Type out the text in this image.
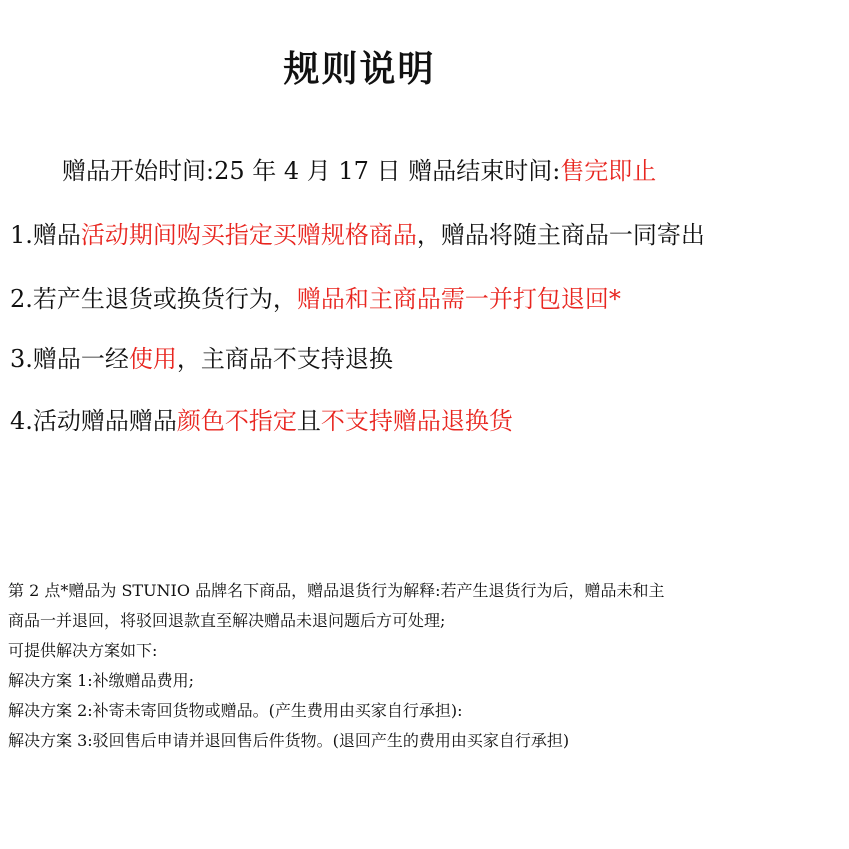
规则说明
赠品开始时间:25 年 4 月 17 日 赠品结束时间:售完即止
1.赠品活动期间购买指定买赠规格商品，赠品将随主商品一同寄出
2.若产生退货或换货行为，赠品和主商品需一并打包退回*
3.赠品一经使用，主商品不支持退换
4.活动赠品赠品颜色不指定且不支持赠品退换货
第 2 点*赠品为 STUNIO 品牌名下商品，赠品退货行为解释:若产生退货行为后，赠品未和主
商品一并退回，将驳回退款直至解决赠品未退问题后方可处理;
可提供解决方案如下:
解决方案 1:补缴赠品费用;
解决方案 2:补寄未寄回货物或赠品。(产生费用由买家自行承担):
解决方案 3:驳回售后申请并退回售后件货物。(退回产生的费用由买家自行承担)
